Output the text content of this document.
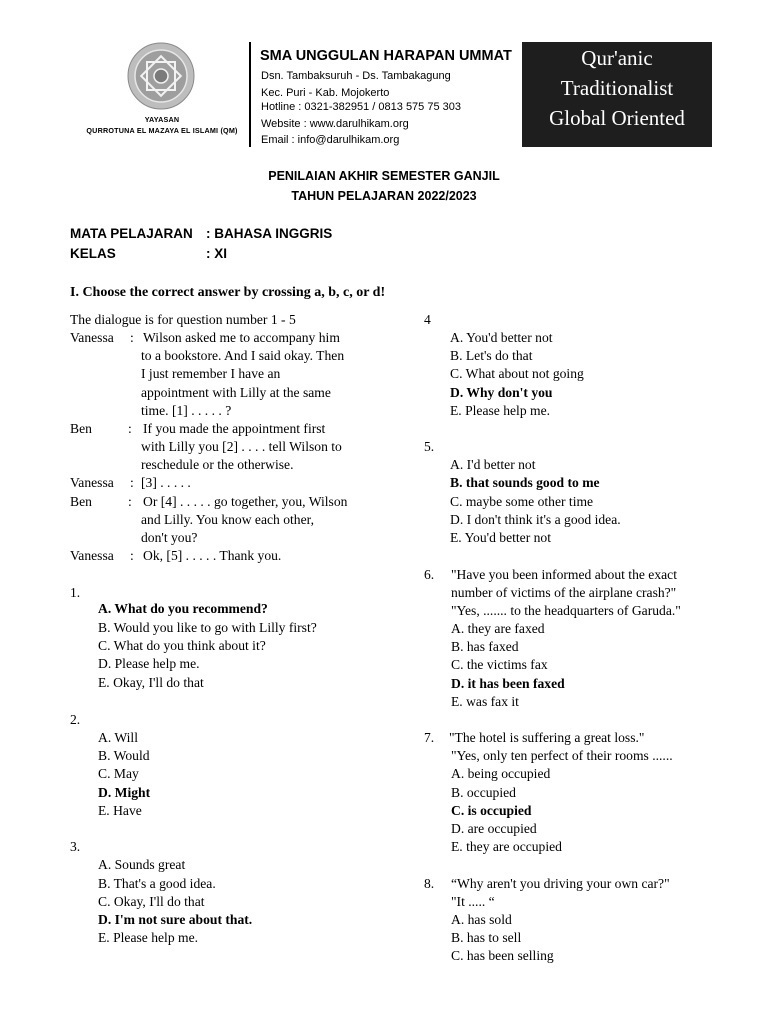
YAYASAN
QURROTUNA EL MAZAYA EL ISLAMI (QM)
SMA UNGGULAN HARAPAN UMMAT
Dsn. Tambaksuruh - Ds. Tambakagung
Kec. Puri - Kab. Mojokerto
Hotline : 0321-382951 / 0813 575 75 303
Website : www.darulhikam.org
Email : info@darulhikam.org
Qur'anic
Traditionalist
Global Oriented
PENILAIAN AKHIR SEMESTER GANJIL
TAHUN PELAJARAN 2022/2023
MATA PELAJARAN : BAHASA INGGRIS
KELAS	: XI
I. Choose the correct answer by crossing a, b, c, or d!
The dialogue is for question number 1 - 5
Vanessa : Wilson asked me to accompany him
to a bookstore. And I said okay. Then
I just remember I have an
appointment with Lilly at the same
time. [1] . . . . . ?
Ben	: If you made the appointment first
with Lilly you [2] . . . . tell Wilson to
reschedule or the otherwise.
Vanessa : [3] . . . . .
Ben	: Or [4] . . . . . go together, you, Wilson
and Lilly. You know each other,
don't you?
Vanessa : Ok, [5] . . . . . Thank you.
1.
A. What do you recommend?
B. Would you like to go with Lilly first?
C. What do you think about it?
D. Please help me.
E. Okay, I'll do that
2.
A. Will
B. Would
C. May
D. Might
E. Have
3.
A. Sounds great
B. That's a good idea.
C. Okay, I'll do that
D. I'm not sure about that.
E. Please help me.
4
A. You'd better not
B. Let's do that
C. What about not going
D. Why don't you
E. Please help me.
5.
A. I'd better not
B. that sounds good to me
C. maybe some other time
D. I don't think it's a good idea.
E. You'd better not
6. "Have you been informed about the exact
number of victims of the airplane crash?"
"Yes, ....... to the headquarters of Garuda."
A. they are faxed
B. has faxed
C. the victims fax
D. it has been faxed
E. was fax it
7. "The hotel is suffering a great loss."
"Yes, only ten perfect of their rooms ......
A. being occupied
B. occupied
C. is occupied
D. are occupied
E. they are occupied
8. “Why aren't you driving your own car?"
"It ..... “
A. has sold
B. has to sell
C. has been selling
